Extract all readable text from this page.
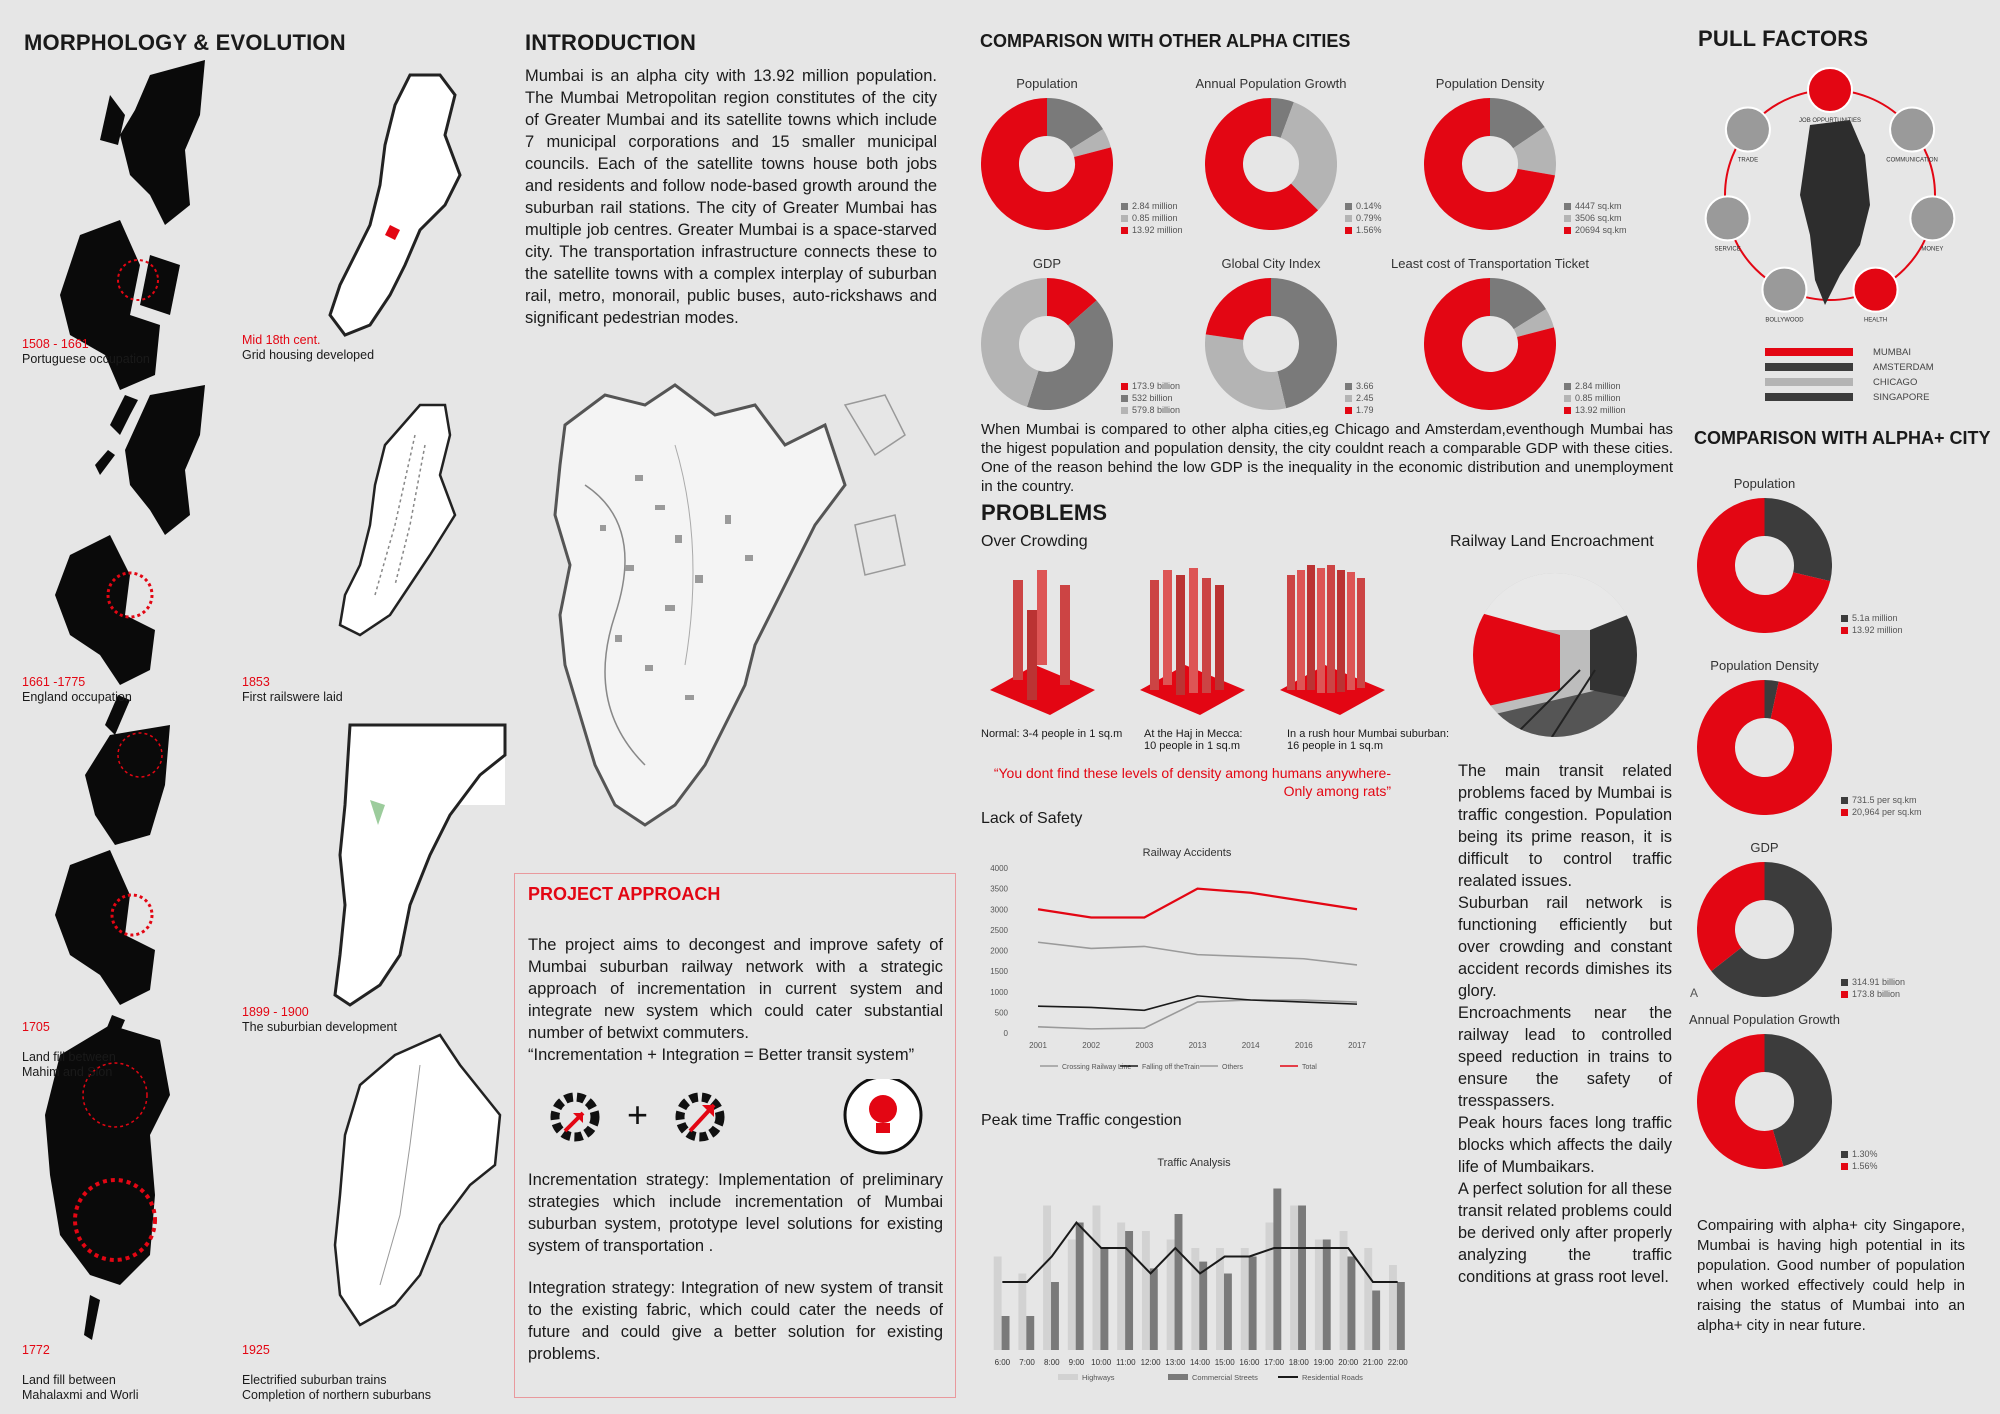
MORPHOLOGY & EVOLUTION
1508 - 1661
Portuguese occupation
Mid 18th cent.
Grid housing developed
1661 -1775
England occupation
1853
First railswere laid

1705

Land fill between
Mahim and Sion

1899 - 1900
The suburbian development

1772

Land fill between
Mahalaxmi and Worli

1925

Electrified suburban trains
Completion of northern suburbans

INTRODUCTION
Mumbai is an alpha city with 13.92 million population. The Mumbai Metropolitan region constitutes of the city of Greater Mumbai and its satellite towns which include 7 municipal corporations and 15 smaller municipal councils. Each of the satellite towns house both jobs and residents and follow node-based growth around the suburban rail stations. The city of Greater Mumbai has multiple job centres. Greater Mumbai is a space-starved city. The transportation infrastructure connects these to the satellite towns with a complex interplay of suburban rail, metro, monorail, public buses, auto-rickshaws and significant pedestrian modes.
PROJECT APPROACH
The project aims to decongest and improve safety of Mumbai suburban railway network with a strategic approach of incrementation in current system and integrate new system which could cater substantial number of betwixt commuters.
“Incrementation + Integration = Better transit system”
+
Incrementation strategy: Implementation of preliminary strategies which include incrementation of Mumbai suburban system, prototype level solutions for existing system of transportation .
Integration strategy: Integration of new system of transit to the existing fabric, which could cater the needs of future and could give a better solution for existing problems.
COMPARISON WITH OTHER ALPHA CITIES
Population
2.84 million
0.85 million
13.92 million
Annual Population Growth
0.14%
0.79%
1.56%
Population Density
4447 sq.km
3506 sq.km
20694 sq.km
GDP
173.9 billion
532 billion
579.8 billion
Global City Index
3.66
2.45
1.79
Least cost of Transportation Ticket
2.84 million
0.85 million
13.92 million
When Mumbai is compared to other alpha cities,eg Chicago and Amsterdam,eventhough Mumbai has the higest population and population density, the city couldnt reach a comparable GDP with these cities. One of the reason behind the low GDP is the inequality in the economic distribution and unemployment in the country.
PROBLEMS
Over Crowding
Normal: 3-4 people in 1 sq.m At the Haj in Mecca:
10 people in 1 sq.m
In a rush hour Mumbai suburban:
16 people in 1 sq.m
“You dont find these levels of density among humans anywhere-
Only among rats”
Lack of Safety
Railway Accidents
0
500
1000
1500
2000
2500
3000
3500
4000
2001	2002	2003	2013	2014	2016	2017
Crossing Railway Line Falling off theTrain	Others	Total
Peak time Traffic congestion
Traffic Analysis
6:00 7:00 8:00 9:00 10:00 11:00 12:00 13:00 14:00 15:00 16:00 17:00 18:00 19:00 20:00 21:00 22:00
Highways	Commercial Streets	Residential Roads
Railway Land Encroachment
The main transit related problems faced by Mumbai is traffic congestion. Population being its prime reason, it is difficult to control traffic realated issues.
Suburban rail network is functioning efficiently but over crowding and constant accident records dimishes its glory.
Encroachments near the railway lead to controlled speed reduction in trains to ensure the safety of tresspassers.
Peak hours faces long traffic blocks which affects the daily life of Mumbaikars.
A perfect solution for all these transit related problems could be derived only after properly analyzing the traffic conditions at grass root level.
PULL FACTORS
JOB OPPURTUNITIES
COMMUNICATION
MONEY
HEALTH
BOLLYWOOD
SERVICE
TRADE
MUMBAI
AMSTERDAM
CHICAGO
SINGAPORE
COMPARISON WITH ALPHA+ CITY
Population
5.1a million
13.92 million
Population Density
731.5 per sq.km
20,964 per sq.km
GDP
314.91 billion
173.8 billion
Annual Population Growth
1.30%
1.56%
A
Compairing with alpha+ city Singapore, Mumbai is having high potential in its population. Good number of population when worked effectively could help in raising the status of Mumbai into an alpha+ city in near future.
